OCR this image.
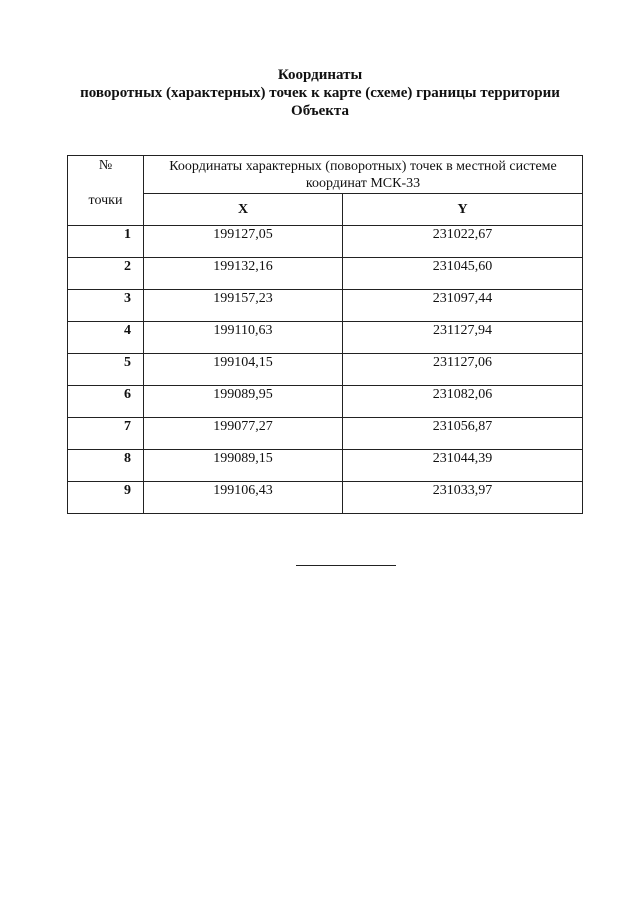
Координаты
поворотных (характерных) точек к карте (схеме) границы территории
Объекта
№
точки	Координаты характерных (поворотных) точек в местной системе координат МСК-33	
	X	Y
1	199127,05	231022,67
2	199132,16	231045,60
3	199157,23	231097,44
4	199110,63	231127,94
5	199104,15	231127,06
6	199089,95	231082,06
7	199077,27	231056,87
8	199089,15	231044,39
9	199106,43	231033,97
